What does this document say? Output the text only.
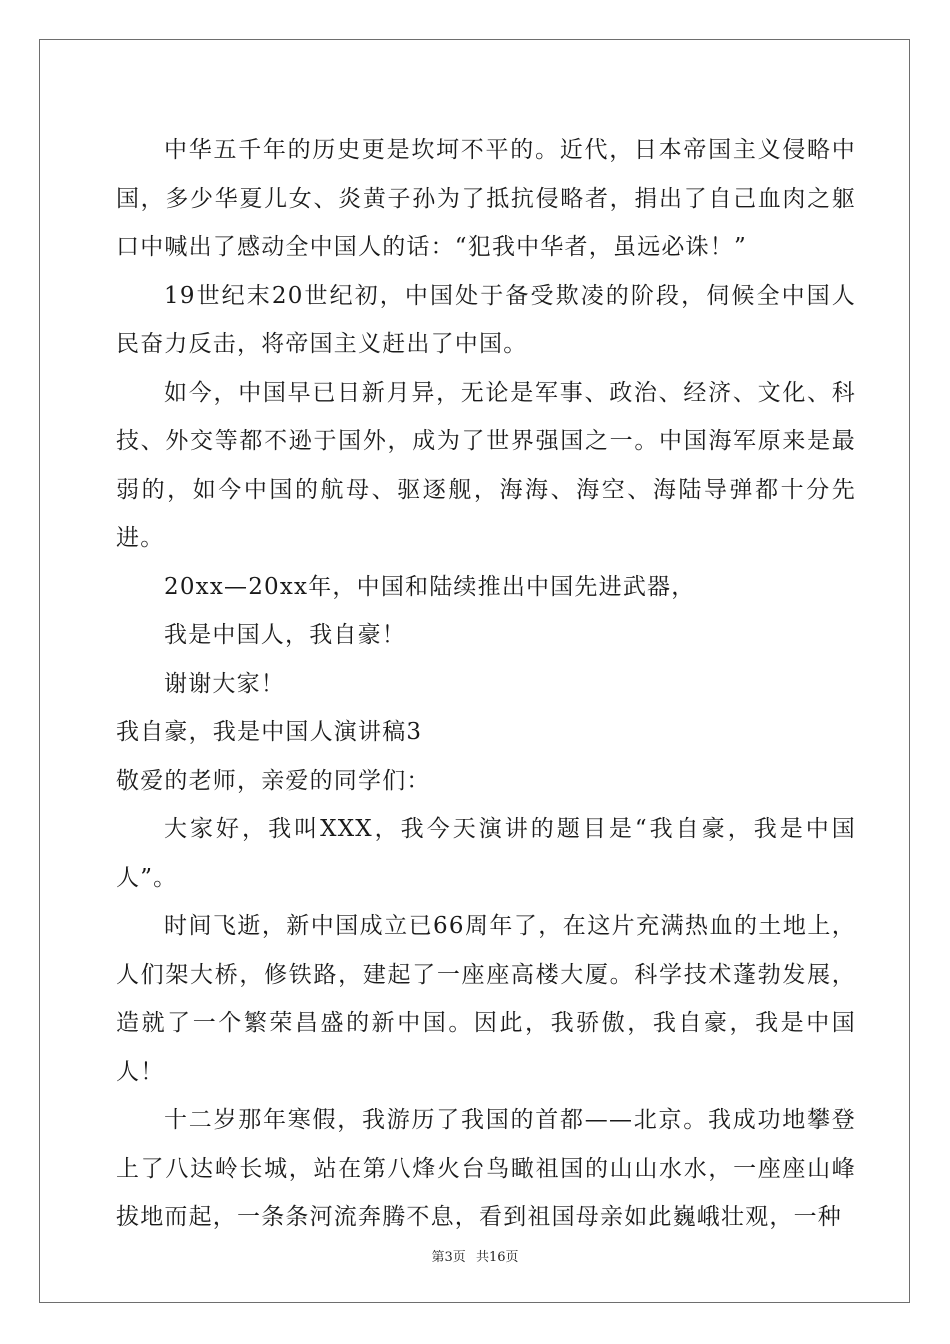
中华五千年的历史更是坎坷不平的。近代，日本帝国主义侵略中国，多少华夏儿女、炎黄子孙为了抵抗侵略者，捐出了自己血肉之躯口中喊出了感动全中国人的话：“犯我中华者，虽远必诛！”

19世纪末20世纪初，中国处于备受欺凌的阶段，伺候全中国人民奋力反击，将帝国主义赶出了中国。

如今，中国早已日新月异，无论是军事、政治、经济、文化、科技、外交等都不逊于国外，成为了世界强国之一。中国海军原来是最弱的，如今中国的航母、驱逐舰，海海、海空、海陆导弹都十分先进。

20xx—20xx年，中国和陆续推出中国先进武器，

我是中国人，我自豪！

谢谢大家！

我自豪，我是中国人演讲稿3

敬爱的老师，亲爱的同学们：

大家好，我叫XXX，我今天演讲的题目是“我自豪，我是中国人”。

时间飞逝，新中国成立已66周年了，在这片充满热血的土地上，人们架大桥，修铁路，建起了一座座高楼大厦。科学技术蓬勃发展，造就了一个繁荣昌盛的新中国。因此，我骄傲，我自豪，我是中国人！

十二岁那年寒假，我游历了我国的首都——北京。我成功地攀登上了八达岭长城，站在第八烽火台鸟瞰祖国的山山水水，一座座山峰拔地而起，一条条河流奔腾不息，看到祖国母亲如此巍峨壮观，一种

第3页 共16页
